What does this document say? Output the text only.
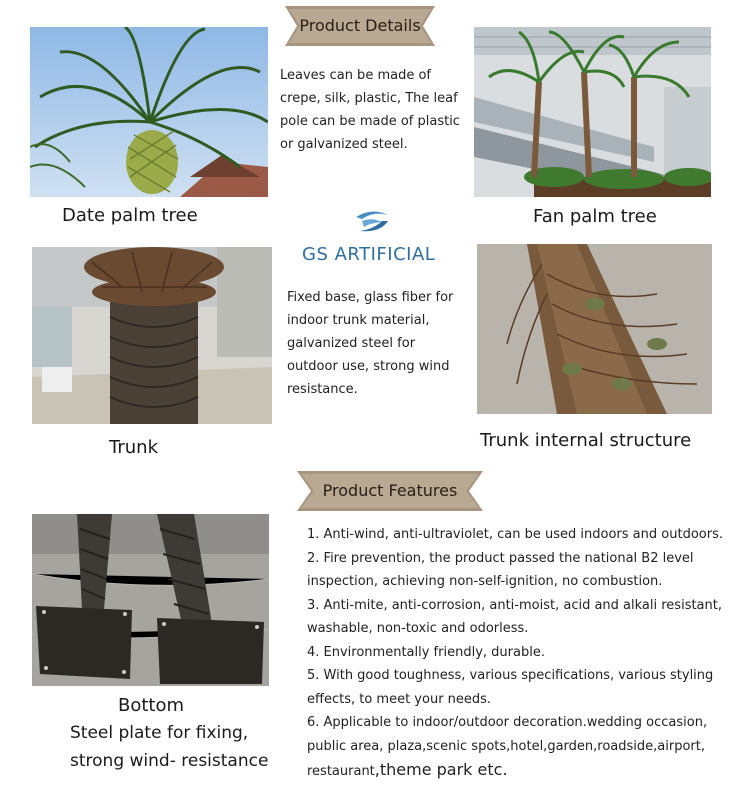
Product Details

Leaves can be made of

crepe, silk, plastic, The leaf

pole can be made of plastic

or galvanized steel.

Date palm tree	Fan palm tree
GS ARTIFICIAL

Fixed base, glass fiber for

indoor trunk material,

galvanized steel for

outdoor use, strong wind

resistance.

Trunk	Trunk internal structure
Product Features
Bottom
Steel plate for fixing,
strong wind- resistance
1. Anti-wind, anti-ultraviolet, can be used indoors and outdoors.
2. Fire prevention, the product passed the national B2 level
inspection, achieving non-self-ignition, no combustion.
3. Anti-mite, anti-corrosion, anti-moist, acid and alkali resistant,
washable, non-toxic and odorless.
4. Environmentally friendly, durable.
5. With good toughness, various specifications, various styling
effects, to meet your needs.
6. Applicable to indoor/outdoor decoration.wedding occasion,
public area, plaza,scenic spots,hotel,garden,roadside,airport,
restaurant,theme park etc.
